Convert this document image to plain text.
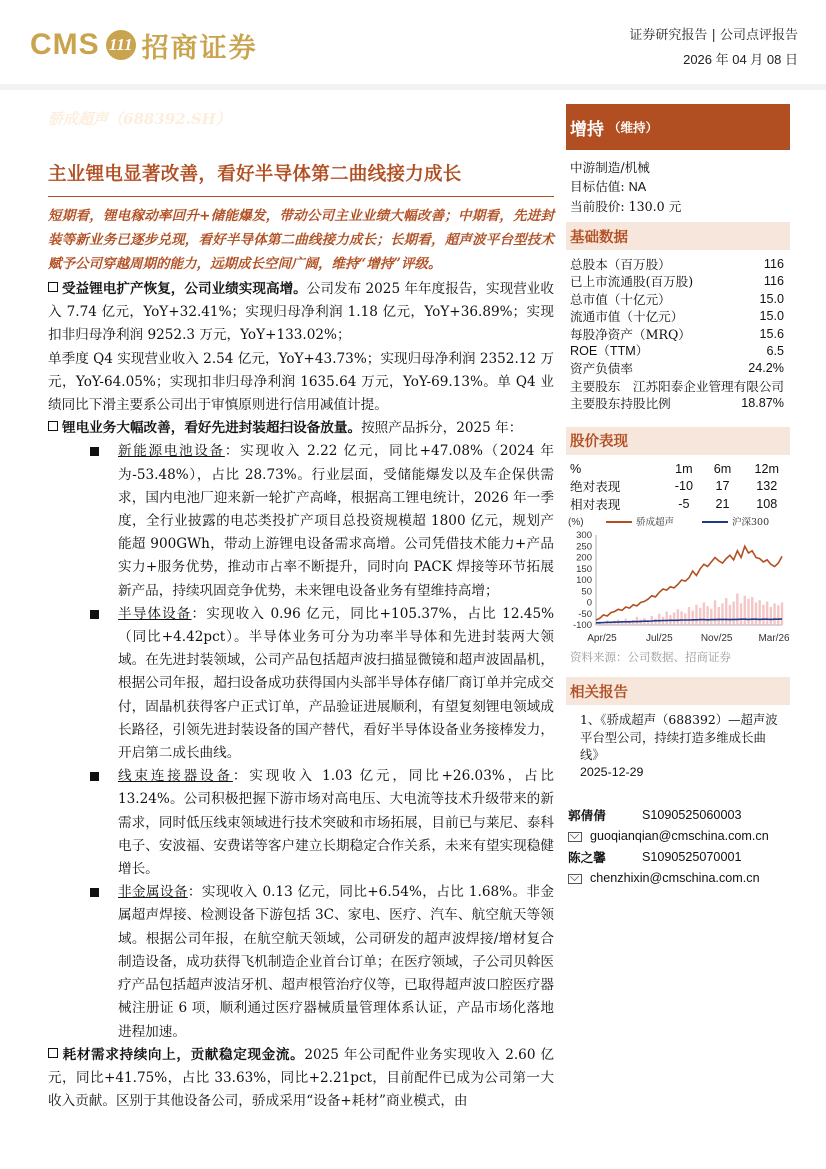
CMS 111 招商证券	证券研究报告 | 公司点评报告
2026 年 04 月 08 日
骄成超声（688392.SH）
主业锂电显著改善，看好半导体第二曲线接力成长
短期看，锂电稼动率回升+储能爆发，带动公司主业业绩大幅改善；中期看，先进封装等新业务已逐步兑现，看好半导体第二曲线接力成长；长期看，超声波平台型技术赋予公司穿越周期的能力，远期成长空间广阔，维持“增持”评级。
受益锂电扩产恢复，公司业绩实现高增。公司发布 2025 年年度报告，实现营业收入 7.74 亿元，YoY+32.41%；实现归母净利润 1.18 亿元，YoY+36.89%；实现扣非归母净利润 9252.3 万元，YoY+133.02%；
单季度 Q4 实现营业收入 2.54 亿元，YoY+43.73%；实现归母净利润 2352.12 万元，YoY-64.05%；实现扣非归母净利润 1635.64 万元，YoY-69.13%。单 Q4 业绩同比下滑主要系公司出于审慎原则进行信用减值计提。
锂电业务大幅改善，看好先进封装超扫设备放量。按照产品拆分，2025 年：
新能源电池设备：实现收入 2.22 亿元，同比+47.08%（2024 年为-53.48%），占比 28.73%。行业层面，受储能爆发以及车企保供需求，国内电池厂迎来新一轮扩产高峰，根据高工锂电统计，2026 年一季度，全行业披露的电芯类投扩产项目总投资规模超 1800 亿元，规划产能超 900GWh，带动上游锂电设备需求高增。公司凭借技术能力+产品实力+服务优势，推动市占率不断提升，同时向 PACK 焊接等环节拓展新产品，持续巩固竞争优势，未来锂电设备业务有望维持高增；
半导体设备：实现收入 0.96 亿元，同比+105.37%，占比 12.45%（同比+4.42pct）。半导体业务可分为功率半导体和先进封装两大领域。在先进封装领域，公司产品包括超声波扫描显微镜和超声波固晶机，根据公司年报，超扫设备成功获得国内头部半导体存储厂商订单并完成交付，固晶机获得客户正式订单，产品验证进展顺利，有望复刻锂电领域成长路径，引领先进封装设备的国产替代，看好半导体设备业务接棒发力，开启第二成长曲线。
线束连接器设备：实现收入 1.03 亿元，同比+26.03%，占比 13.24%。公司积极把握下游市场对高电压、大电流等技术升级带来的新需求，同时低压线束领域进行技术突破和市场拓展，目前已与莱尼、泰科电子、安波福、安费诺等客户建立长期稳定合作关系，未来有望实现稳健增长。
非金属设备：实现收入 0.13 亿元，同比+6.54%，占比 1.68%。非金属超声焊接、检测设备下游包括 3C、家电、医疗、汽车、航空航天等领域。根据公司年报，在航空航天领域，公司研发的超声波焊接/增材复合制造设备，成功获得飞机制造企业首台订单；在医疗领域，子公司贝斡医疗产品包括超声波洁牙机、超声根管治疗仪等，已取得超声波口腔医疗器械注册证 6 项，顺利通过医疗器械质量管理体系认证，产品市场化落地进程加速。
耗材需求持续向上，贡献稳定现金流。2025 年公司配件业务实现收入 2.60 亿元，同比+41.75%，占比 33.63%，同比+2.21pct，目前配件已成为公司第一大收入贡献。区别于其他设备公司，骄成采用“设备+耗材”商业模式，由
增持 （维持）
中游制造/机械
目标估值: NA
当前股价: 130.0 元
基础数据
总股本（百万股）	116
已上市流通股(百万股)	116
总市值（十亿元）	15.0
流通市值（十亿元）	15.0
每股净资产（MRQ）	15.6
ROE（TTM）	6.5
资产负债率	24.2%
主要股东 江苏阳泰企业管理有限公司
主要股东持股比例	18.87%
股价表现
%	1m	6m	12m
绝对表现	-10	17	132
相对表现	-5	21	108
(%)	骄成超声	沪深300
-100
-50
0
50
100
150
200
250
300
Apr/25	Jul/25	Nov/25	Mar/26
资料来源：公司数据、招商证券
相关报告
1、《骄成超声（688392）—超声波平台型公司，持续打造多维成长曲线》
2025-12-29
郭倩倩	S1090525060003
guoqianqian@cmschina.com.cn
陈之馨	S1090525070001
chenzhixin@cmschina.com.cn
